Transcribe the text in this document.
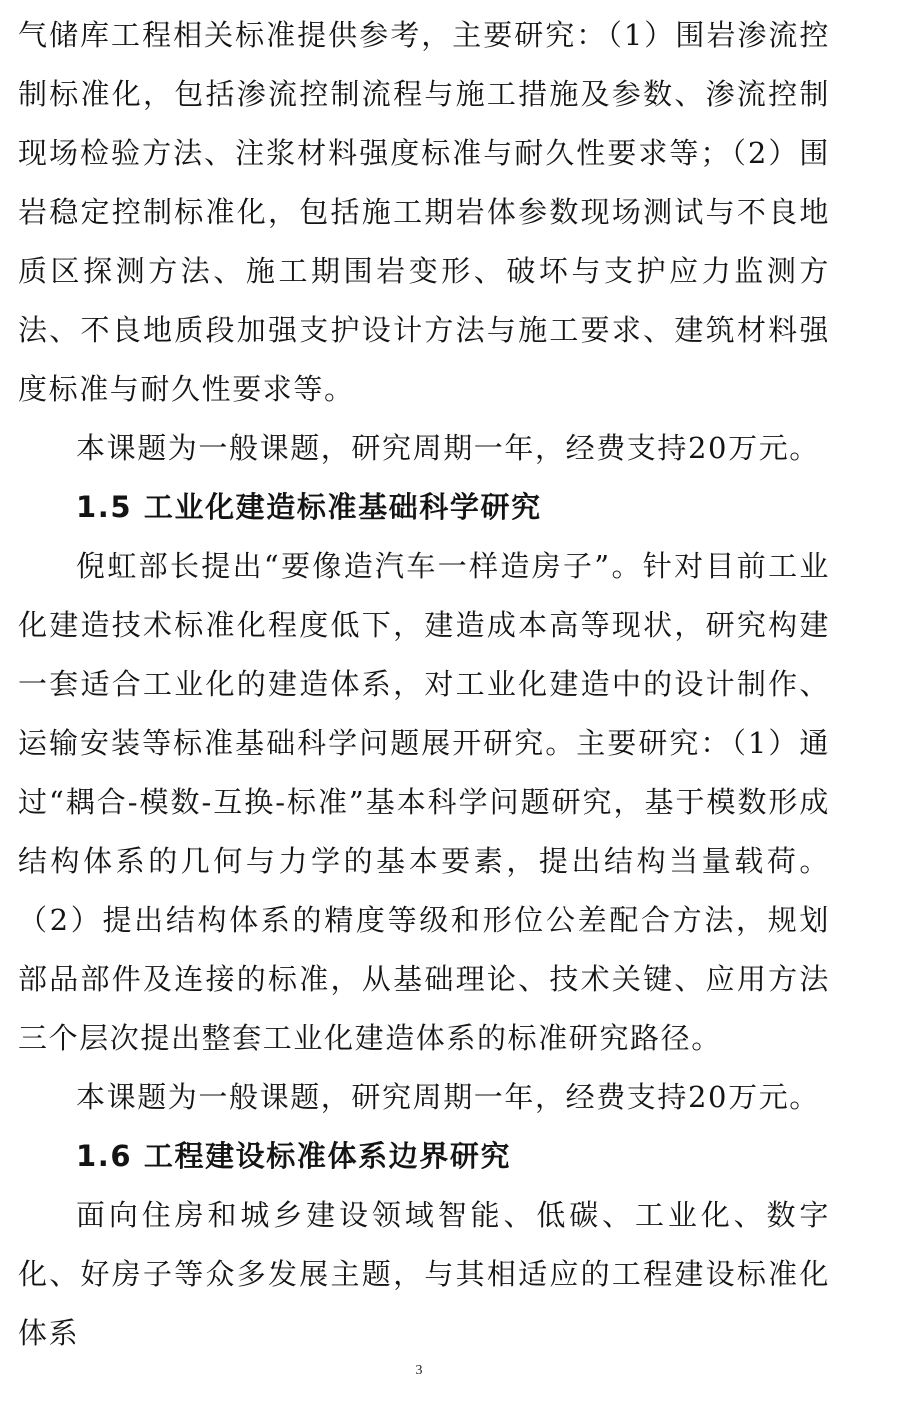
气储库工程相关标准提供参考，主要研究：（1）围岩渗流控制标准化，包括渗流控制流程与施工措施及参数、渗流控制现场检验方法、注浆材料强度标准与耐久性要求等；（2）围岩稳定控制标准化，包括施工期岩体参数现场测试与不良地质区探测方法、施工期围岩变形、破坏与支护应力监测方法、不良地质段加强支护设计方法与施工要求、建筑材料强度标准与耐久性要求等。

本课题为一般课题，研究周期一年，经费支持20万元。

1.5 工业化建造标准基础科学研究

倪虹部长提出“要像造汽车一样造房子”。针对目前工业化建造技术标准化程度低下，建造成本高等现状，研究构建一套适合工业化的建造体系，对工业化建造中的设计制作、运输安装等标准基础科学问题展开研究。主要研究：（1）通过“耦合-模数-互换-标准”基本科学问题研究，基于模数形成结构体系的几何与力学的基本要素，提出结构当量载荷。（2）提出结构体系的精度等级和形位公差配合方法，规划部品部件及连接的标准，从基础理论、技术关键、应用方法三个层次提出整套工业化建造体系的标准研究路径。

本课题为一般课题，研究周期一年，经费支持20万元。

1.6 工程建设标准体系边界研究

面向住房和城乡建设领域智能、低碳、工业化、数字化、好房子等众多发展主题，与其相适应的工程建设标准化体系

3
